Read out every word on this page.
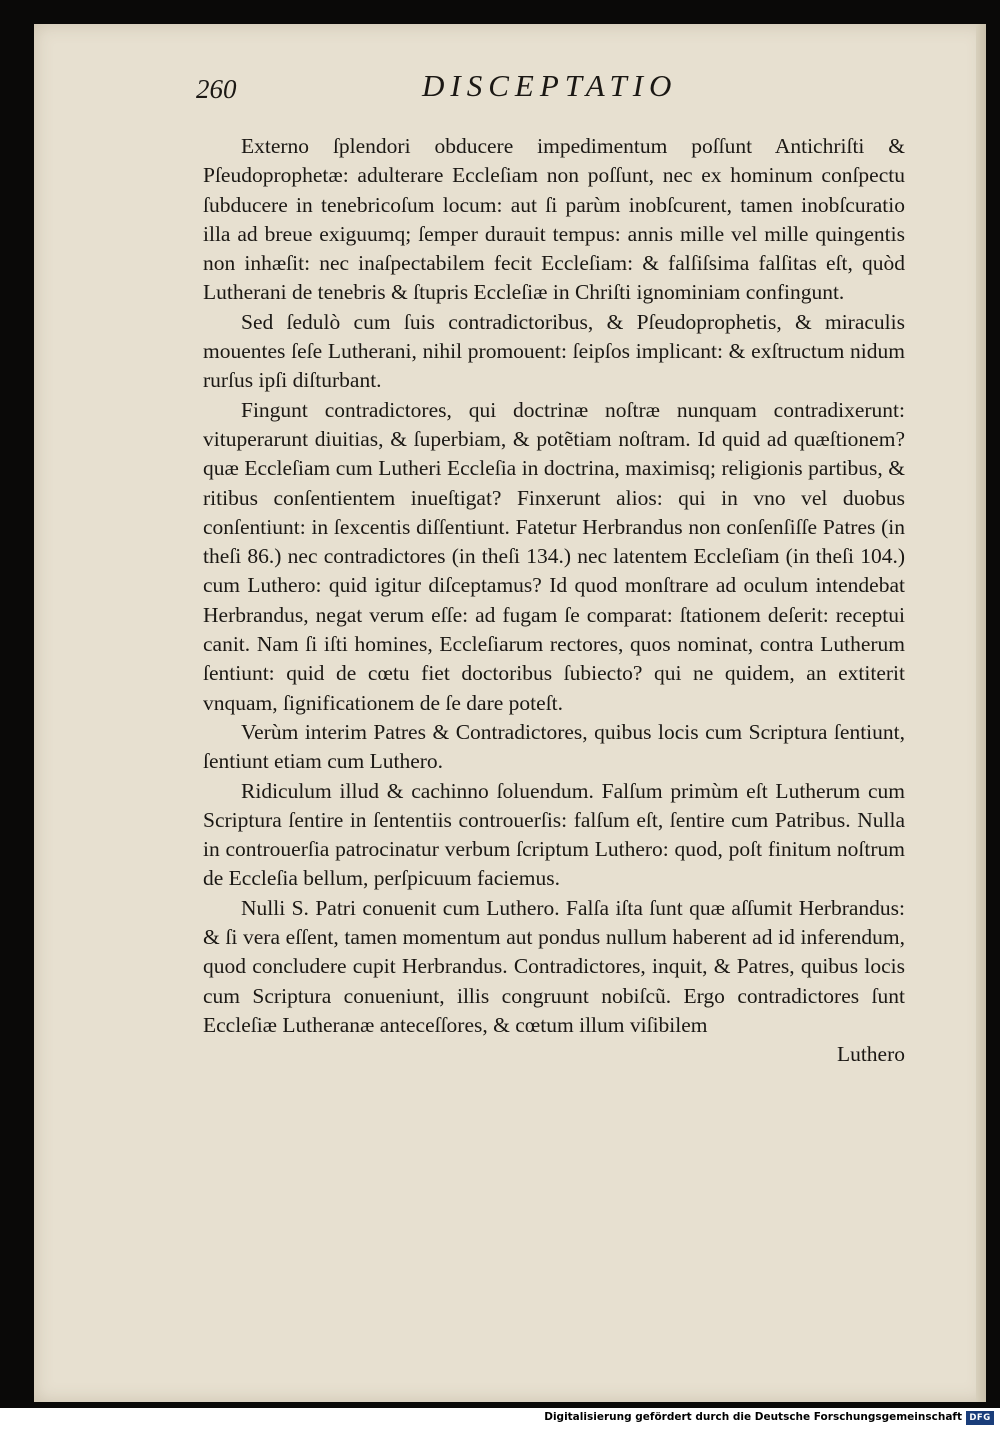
260	DISCEPTATIO

Externo ſplendori obducere impedimentum poſſunt Antichriſti & Pſeudoprophetæ: adulterare Eccleſiam non poſſunt, nec ex hominum conſpectu ſubducere in tenebricoſum locum: aut ſi parùm inobſcurent, tamen inobſcuratio illa ad breue exiguumq; ſemper durauit tempus: annis mille vel mille quingentis non inhæſit: nec inaſpectabilem fecit Eccleſiam: & falſiſsima falſitas eſt, quòd Lutherani de tenebris & ſtupris Eccleſiæ in Chriſti ignominiam confingunt.

Sed ſedulò cum ſuis contradictoribus, & Pſeudoprophetis, & miraculis mouentes ſeſe Lutherani, nihil promouent: ſeipſos implicant: & exſtructum nidum rurſus ipſi diſturbant.

Fingunt contradictores, qui doctrinæ noſtræ nunquam contradixerunt: vituperarunt diuitias, & ſuperbiam, & potẽtiam noſtram. Id quid ad quæſtionem? quæ Eccleſiam cum Lutheri Eccleſia in doctrina, maximisq; religionis partibus, & ritibus conſentientem inueſtigat? Finxerunt alios: qui in vno vel duobus conſentiunt: in ſexcentis diſſentiunt. Fatetur Herbrandus non conſenſiſſe Patres (in theſi 86.) nec contradictores (in theſi 134.) nec latentem Eccleſiam (in theſi 104.) cum Luthero: quid igitur diſceptamus? Id quod monſtrare ad oculum intendebat Herbrandus, negat verum eſſe: ad fugam ſe comparat: ſtationem deſerit: receptui canit. Nam ſi iſti homines, Eccleſiarum rectores, quos nominat, contra Lutherum ſentiunt: quid de cœtu fiet doctoribus ſubiecto? qui ne quidem, an extiterit vnquam, ſignificationem de ſe dare poteſt.

Verùm interim Patres & Contradictores, quibus locis cum Scriptura ſentiunt, ſentiunt etiam cum Luthero.

Ridiculum illud & cachinno ſoluendum. Falſum primùm eſt Lutherum cum Scriptura ſentire in ſententiis controuerſis: falſum eſt, ſentire cum Patribus. Nulla in controuerſia patrocinatur verbum ſcriptum Luthero: quod, poſt finitum noſtrum de Eccleſia bellum, perſpicuum faciemus.

Nulli S. Patri conuenit cum Luthero. Falſa iſta ſunt quæ aſſumit Herbrandus: & ſi vera eſſent, tamen momentum aut pondus nullum haberent ad id inferendum, quod concludere cupit Herbrandus. Contradictores, inquit, & Patres, quibus locis cum Scriptura conueniunt, illis congruunt nobiſcũ. Ergo contradictores ſunt Eccleſiæ Lutheranæ anteceſſores, & cœtum illum viſibilem

Luthero

Digitalisierung gefördert durch die Deutsche Forschungsgemeinschaft DFG
